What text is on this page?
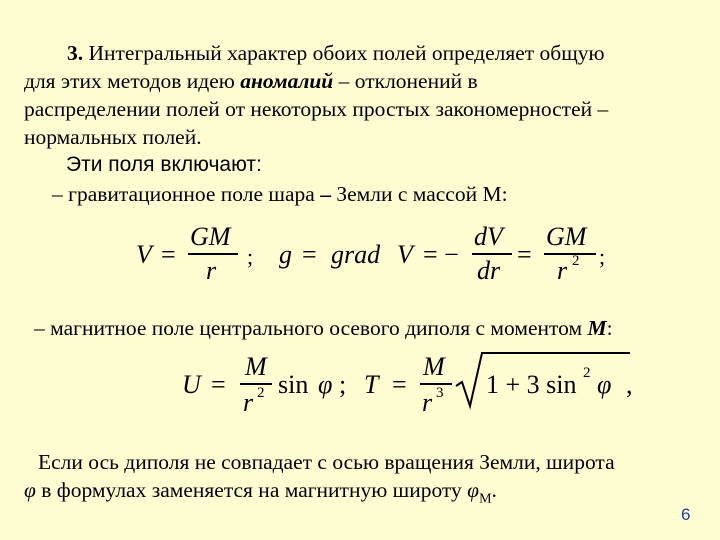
3. Интегральный характер обоих полей определяет общую
для этих методов идею аномалий – отклонений в
распределении полей от некоторых простых закономерностей –
нормальных полей.
Эти поля включают:
– гравитационное поле шара – Земли с массой М:
V =
GM
r ; g = grad V = −
dV
dr
=
GM
r 2 ;
– магнитное поле центрального осевого диполя с моментом M:
U =
M
r 2 sin φ ; T =
M
r 3 1 + 3 sin 2 φ ,
Если ось диполя не совпадает с осью вращения Земли, широта
φ в формулах заменяется на магнитную широту $\varphi_М$.
6
